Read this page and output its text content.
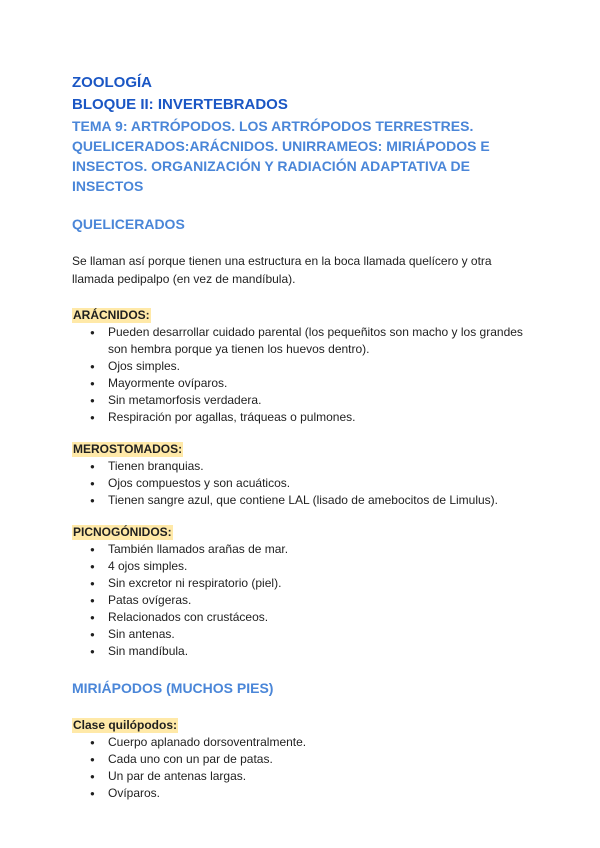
ZOOLOGÍA

BLOQUE II: INVERTEBRADOS

TEMA 9: ARTRÓPODOS. LOS ARTRÓPODOS TERRESTRES.

QUELICERADOS:ARÁCNIDOS. UNIRRAMEOS: MIRIÁPODOS E

INSECTOS. ORGANIZACIÓN Y RADIACIÓN ADAPTATIVA DE INSECTOS

QUELICERADOS

Se llaman así porque tienen una estructura en la boca llamada quelícero y otra

llamada pedipalpo (en vez de mandíbula).

ARÁCNIDOS:
● Pueden desarrollar cuidado parental (los pequeñitos son macho y los grandes son hembra porque ya tienen los huevos dentro).
● Ojos simples.
● Mayormente ovíparos.
● Sin metamorfosis verdadera.
● Respiración por agallas, tráqueas o pulmones.
MEROSTOMADOS:
● Tienen branquias.
● Ojos compuestos y son acuáticos.
● Tienen sangre azul, que contiene LAL (lisado de amebocitos de Limulus).
PICNOGÓNIDOS:
● También llamados arañas de mar.
● 4 ojos simples.
● Sin excretor ni respiratorio (piel).
● Patas ovígeras.
● Relacionados con crustáceos.
● Sin antenas.
● Sin mandíbula.

MIRIÁPODOS (MUCHOS PIES)

Clase quilópodos:
● Cuerpo aplanado dorsoventralmente.
● Cada uno con un par de patas.
● Un par de antenas largas.
● Ovíparos.
